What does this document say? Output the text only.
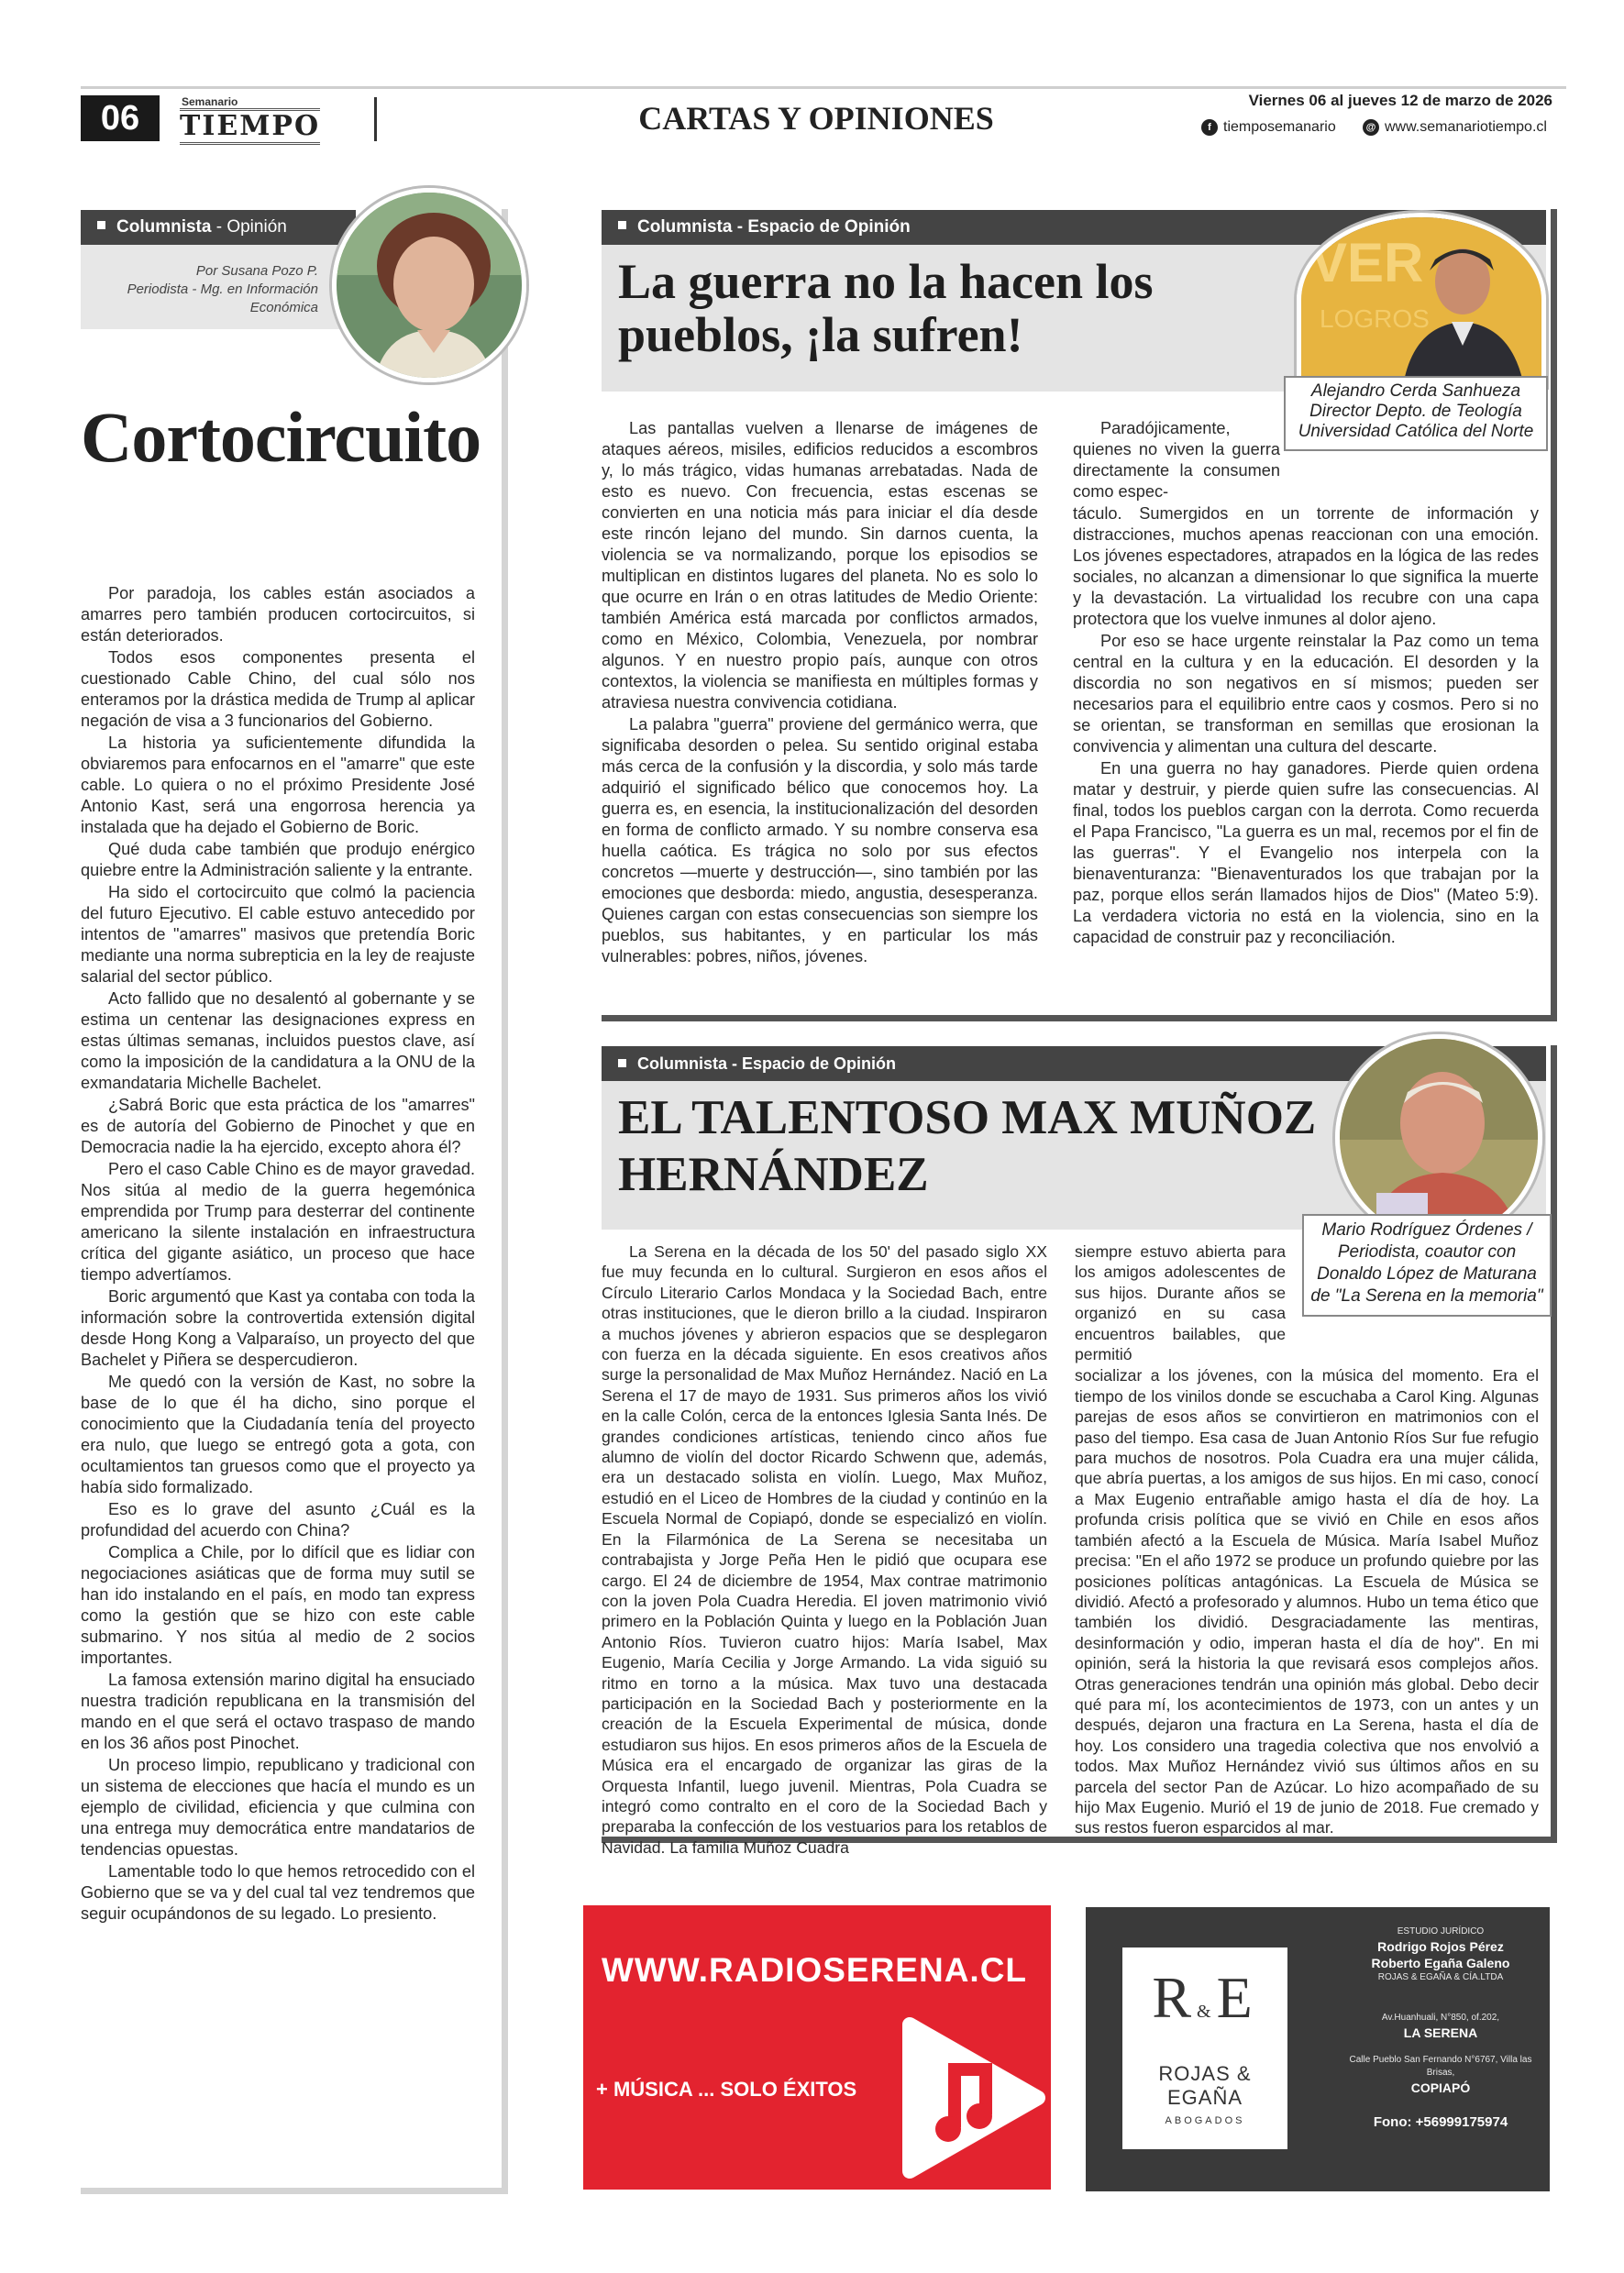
06	Semanario
TIEMPO	CARTAS Y OPINIONES	Viernes 06 al jueves 12 de marzo de 2026
f tiemposemanario	@ www.semanariotiempo.cl
Columnista - Opinión
Por Susana Pozo P.
Periodista - Mg. en Información
Económica
Cortocircuito

Por paradoja, los cables están asociados a amarres pero también producen cortocircuitos, si están deteriorados.

Todos esos componentes presenta el cuestionado Cable Chino, del cual sólo nos enteramos por la drástica medida de Trump al aplicar negación de visa a 3 funcionarios del Gobierno.

La historia ya suficientemente difundida la obviaremos para enfocarnos en el "amarre" que este cable. Lo quiera o no el próximo Presidente José Antonio Kast, será una engorrosa herencia ya instalada que ha dejado el Gobierno de Boric.

Qué duda cabe también que produjo enérgico quiebre entre la Administración saliente y la entrante.

Ha sido el cortocircuito que colmó la paciencia del futuro Ejecutivo. El cable estuvo antecedido por intentos de "amarres" masivos que pretendía Boric mediante una norma subrepticia en la ley de reajuste salarial del sector público.

Acto fallido que no desalentó al gobernante y se estima un centenar las designaciones express en estas últimas semanas, incluidos puestos clave, así como la imposición de la candidatura a la ONU de la exmandataria Michelle Bachelet.

¿Sabrá Boric que esta práctica de los "amarres" es de autoría del Gobierno de Pinochet y que en Democracia nadie la ha ejercido, excepto ahora él?

Pero el caso Cable Chino es de mayor gravedad. Nos sitúa al medio de la guerra hegemónica emprendida por Trump para desterrar del continente americano la silente instalación en infraestructura crítica del gigante asiático, un proceso que hace tiempo advertíamos.

Boric argumentó que Kast ya contaba con toda la información sobre la controvertida extensión digital desde Hong Kong a Valparaíso, un proyecto del que Bachelet y Piñera se despercudieron.

Me quedó con la versión de Kast, no sobre la base de lo que él ha dicho, sino porque el conocimiento que la Ciudadanía tenía del proyecto era nulo, que luego se entregó gota a gota, con ocultamientos tan gruesos como que el proyecto ya había sido formalizado.

Eso es lo grave del asunto ¿Cuál es la profundidad del acuerdo con China?

Complica a Chile, por lo difícil que es lidiar con negociaciones asiáticas que de forma muy sutil se han ido instalando en el país, en modo tan express como la gestión que se hizo con este cable submarino. Y nos sitúa al medio de 2 socios importantes.

La famosa extensión marino digital ha ensuciado nuestra tradición republicana en la transmisión del mando en el que será el octavo traspaso de mando en los 36 años post Pinochet.

Un proceso limpio, republicano y tradicional con un sistema de elecciones que hacía el mundo es un ejemplo de civilidad, eficiencia y que culmina con una entrega muy democrática entre mandatarios de tendencias opuestas.

Lamentable todo lo que hemos retrocedido con el Gobierno que se va y del cual tal vez tendremos que seguir ocupándonos de su legado. Lo presiento.

Columnista - Espacio de Opinión
La guerra no la hacen los pueblos, ¡la sufren!
VER
LOGROS
Alejandro Cerda Sanhueza
Director Depto. de Teología
Universidad Católica del Norte

Las pantallas vuelven a llenarse de imágenes de ataques aéreos, misiles, edificios reducidos a escombros y, lo más trágico, vidas humanas arrebatadas. Nada de esto es nuevo. Con frecuencia, estas escenas se convierten en una noticia más para iniciar el día desde este rincón lejano del mundo. Sin darnos cuenta, la violencia se va normalizando, porque los episodios se multiplican en distintos lugares del planeta. No es solo lo que ocurre en Irán o en otras latitudes de Medio Oriente: también América está marcada por conflictos armados, como en México, Colombia, Venezuela, por nombrar algunos. Y en nuestro propio país, aunque con otros contextos, la violencia se manifiesta en múltiples formas y atraviesa nuestra convivencia cotidiana.

La palabra "guerra" proviene del germánico werra, que significaba desorden o pelea. Su sentido original estaba más cerca de la confusión y la discordia, y solo más tarde adquirió el significado bélico que conocemos hoy. La guerra es, en esencia, la institucionalización del desorden en forma de conflicto armado. Y su nombre conserva esa huella caótica. Es trágica no solo por sus efectos concretos —muerte y destrucción—, sino también por las emociones que desborda: miedo, angustia, desesperanza. Quienes cargan con estas consecuencias son siempre los pueblos, sus habitantes, y en particular los más vulnerables: pobres, niños, jóvenes.

Paradójicamente, quienes no viven la guerra directamente la consumen como espec-

táculo. Sumergidos en un torrente de información y distracciones, muchos apenas reaccionan con una emoción. Los jóvenes espectadores, atrapados en la lógica de las redes sociales, no alcanzan a dimensionar lo que significa la muerte y la devastación. La virtualidad los recubre con una capa protectora que los vuelve inmunes al dolor ajeno.

Por eso se hace urgente reinstalar la Paz como un tema central en la cultura y en la educación. El desorden y la discordia no son negativos en sí mismos; pueden ser necesarios para el equilibrio entre caos y cosmos. Pero si no se orientan, se transforman en semillas que erosionan la convivencia y alimentan una cultura del descarte.

En una guerra no hay ganadores. Pierde quien ordena matar y destruir, y pierde quien sufre las consecuencias. Al final, todos los pueblos cargan con la derrota. Como recuerda el Papa Francisco, "La guerra es un mal, recemos por el fin de las guerras". Y el Evangelio nos interpela con la bienaventuranza: "Bienaventurados los que trabajan por la paz, porque ellos serán llamados hijos de Dios" (Mateo 5:9). La verdadera victoria no está en la violencia, sino en la capacidad de construir paz y reconciliación.

Columnista - Espacio de Opinión
EL TALENTOSO MAX MUÑOZ HERNÁNDEZ
Mario Rodríguez Órdenes /
Periodista, coautor con
Donaldo López de Maturana
de "La Serena en la memoria"

La Serena en la década de los 50' del pasado siglo XX fue muy fecunda en lo cultural. Surgieron en esos años el Círculo Literario Carlos Mondaca y la Sociedad Bach, entre otras instituciones, que le dieron brillo a la ciudad. Inspiraron a muchos jóvenes y abrieron espacios que se desplegaron con fuerza en la década siguiente. En esos creativos años surge la personalidad de Max Muñoz Hernández. Nació en La Serena el 17 de mayo de 1931. Sus primeros años los vivió en la calle Colón, cerca de la entonces Iglesia Santa Inés. De grandes condiciones artísticas, teniendo cinco años fue alumno de violín del doctor Ricardo Schwenn que, además, era un destacado solista en violín. Luego, Max Muñoz, estudió en el Liceo de Hombres de la ciudad y continúo en la Escuela Normal de Copiapó, donde se especializó en violín. En la Filarmónica de La Serena se necesitaba un contrabajista y Jorge Peña Hen le pidió que ocupara ese cargo. El 24 de diciembre de 1954, Max contrae matrimonio con la joven Pola Cuadra Heredia. El joven matrimonio vivió primero en la Población Quinta y luego en la Población Juan Antonio Ríos. Tuvieron cuatro hijos: María Isabel, Max Eugenio, María Cecilia y Jorge Armando. La vida siguió su ritmo en torno a la música. Max tuvo una destacada participación en la Sociedad Bach y posteriormente en la creación de la Escuela Experimental de música, donde estudiaron sus hijos. En esos primeros años de la Escuela de Música era el encargado de organizar las giras de la Orquesta Infantil, luego juvenil. Mientras, Pola Cuadra se integró como contralto en el coro de la Sociedad Bach y preparaba la confección de los vestuarios para los retablos de Navidad. La familia Muñoz Cuadra

siempre estuvo abierta para los amigos adolescentes de sus hijos. Durante años se organizó en su casa encuentros bailables, que permitió

socializar a los jóvenes, con la música del momento. Era el tiempo de los vinilos donde se escuchaba a Carol King. Algunas parejas de esos años se convirtieron en matrimonios con el paso del tiempo. Esa casa de Juan Antonio Ríos Sur fue refugio para muchos de nosotros. Pola Cuadra era una mujer cálida, que abría puertas, a los amigos de sus hijos. En mi caso, conocí a Max Eugenio entrañable amigo hasta el día de hoy. La profunda crisis política que se vivió en Chile en esos años también afectó a la Escuela de Música. María Isabel Muñoz precisa: "En el año 1972 se produce un profundo quiebre por las posiciones políticas antagónicas. La Escuela de Música se dividió. Afectó a profesorado y alumnos. Hubo un tema ético que también los dividió. Desgraciadamente las mentiras, desinformación y odio, imperan hasta el día de hoy". En mi opinión, será la historia la que revisará esos complejos años. Otras generaciones tendrán una opinión más global. Debo decir qué para mí, los acontecimientos de 1973, con un antes y un después, dejaron una fractura en La Serena, hasta el día de hoy. Los considero una tragedia colectiva que nos envolvió a todos. Max Muñoz Hernández vivió sus últimos años en su parcela del sector Pan de Azúcar. Lo hizo acompañado de su hijo Max Eugenio. Murió el 19 de junio de 2018. Fue cremado y sus restos fueron esparcidos al mar.

WWW.RADIOSERENA.CL
+ MÚSICA ... SOLO ÉXITOS
R&E
ROJAS & EGAÑA
ABOGADOS
ESTUDIO JURÍDICO
Rodrigo Rojos Pérez
Roberto Egaña Galeno
ROJAS & EGAÑA & CÍA.LTDA
Av.Huanhuali, N°850, of.202,
LA SERENA
Calle Pueblo San Fernando N°6767, Villa las Brisas,
COPIAPÓ
Fono: +56999175974
